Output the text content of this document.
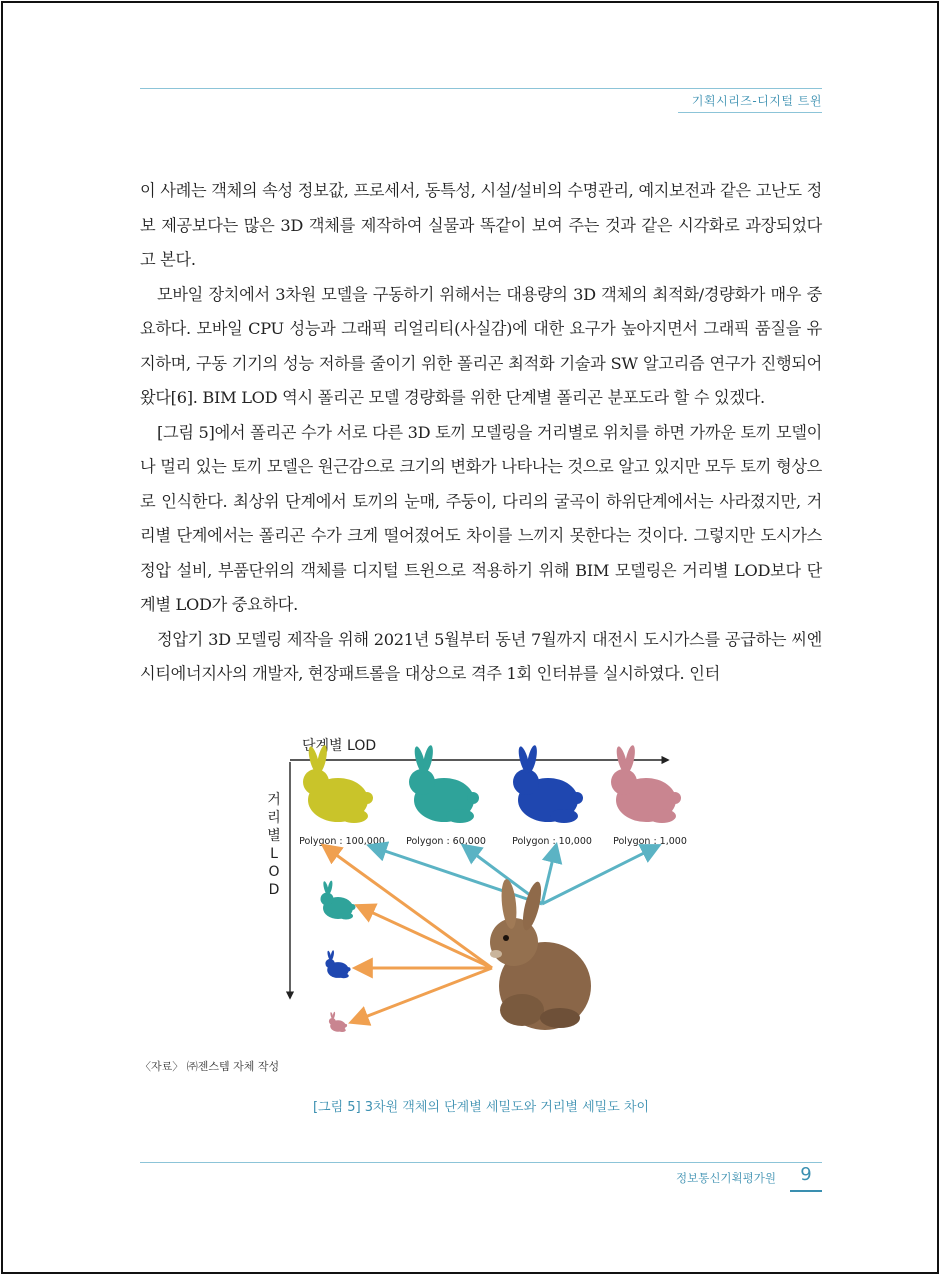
기획시리즈-디지털 트윈

이 사례는 객체의 속성 정보값, 프로세서, 동특성, 시설/설비의 수명관리, 예지보전과 같은 고난도 정보 제공보다는 많은 3D 객체를 제작하여 실물과 똑같이 보여 주는 것과 같은 시각화로 과장되었다고 본다.

모바일 장치에서 3차원 모델을 구동하기 위해서는 대용량의 3D 객체의 최적화/경량화가 매우 중요하다. 모바일 CPU 성능과 그래픽 리얼리티(사실감)에 대한 요구가 높아지면서 그래픽 품질을 유지하며, 구동 기기의 성능 저하를 줄이기 위한 폴리곤 최적화 기술과 SW 알고리즘 연구가 진행되어 왔다[6]. BIM LOD 역시 폴리곤 모델 경량화를 위한 단계별 폴리곤 분포도라 할 수 있겠다.

[그림 5]에서 폴리곤 수가 서로 다른 3D 토끼 모델링을 거리별로 위치를 하면 가까운 토끼 모델이나 멀리 있는 토끼 모델은 원근감으로 크기의 변화가 나타나는 것으로 알고 있지만 모두 토끼 형상으로 인식한다. 최상위 단계에서 토끼의 눈매, 주둥이, 다리의 굴곡이 하위단계에서는 사라졌지만, 거리별 단계에서는 폴리곤 수가 크게 떨어졌어도 차이를 느끼지 못한다는 것이다. 그렇지만 도시가스 정압 설비, 부품단위의 객체를 디지털 트윈으로 적용하기 위해 BIM 모델링은 거리별 LOD보다 단계별 LOD가 중요하다.

정압기 3D 모델링 제작을 위해 2021년 5월부터 동년 7월까지 대전시 도시가스를 공급하는 씨엔시티에너지사의 개발자, 현장패트롤을 대상으로 격주 1회 인터뷰를 실시하였다. 인터

단계별 LOD
거
리
별
L
O
D
Polygon : 100,000 Polygon : 60,000	Polygon : 10,000 Polygon : 1,000
〈자료〉 ㈜젠스템 자체 작성
[그림 5] 3차원 객체의 단계별 세밀도와 거리별 세밀도 차이
정보통신기획평가원	9
